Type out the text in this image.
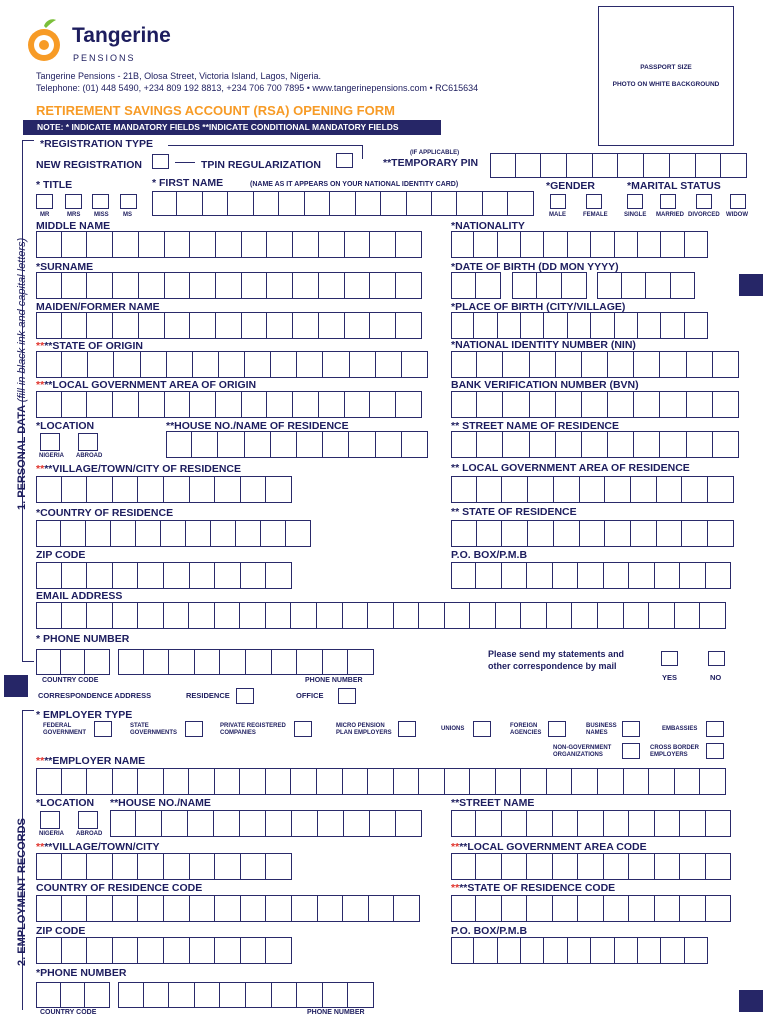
Tangerine
PENSIONS
Tangerine Pensions - 21B, Olosa Street, Victoria Island, Lagos, Nigeria.
Telephone: (01) 448 5490, +234 809 192 8813, +234 706 700 7895 • www.tangerinepensions.com • RC615634
PASSPORT SIZE
PHOTO ON WHITE BACKGROUND
RETIREMENT SAVINGS ACCOUNT (RSA) OPENING FORM
NOTE: * INDICATE MANDATORY FIELDS **INDICATE CONDITIONAL MANDATORY FIELDS
1. PERSONAL DATA (fill in black ink and capital letters)
*REGISTRATION TYPE
NEW REGISTRATION	TPIN REGULARIZATION
(IF APPLICABLE)
**TEMPORARY PIN
* TITLE	* FIRST NAME	(NAME AS IT APPEARS ON YOUR NATIONAL IDENTITY CARD)	*GENDER	*MARITAL STATUS
MR	MRS MISS MS	MALE	FEMALE	SINGLE MARRIED DIVORCED WIDOW
MIDDLE NAME	*NATIONALITY
*SURNAME	*DATE OF BIRTH (DD MON YYYY)
MAIDEN/FORMER NAME	*PLACE OF BIRTH (CITY/VILLAGE)
****STATE OF ORIGIN	*NATIONAL IDENTITY NUMBER (NIN)
****LOCAL GOVERNMENT AREA OF ORIGIN	BANK VERIFICATION NUMBER (BVN)
*LOCATION
NIGERIA ABROAD
**HOUSE NO./NAME OF RESIDENCE	** STREET NAME OF RESIDENCE
****VILLAGE/TOWN/CITY OF RESIDENCE	** LOCAL GOVERNMENT AREA OF RESIDENCE
*COUNTRY OF RESIDENCE	** STATE OF RESIDENCE
ZIP CODE	P.O. BOX/P.M.B
EMAIL ADDRESS
* PHONE NUMBER
COUNTRY CODE	PHONE NUMBER
Please send my statements and
other correspondence by mail
YES	NO
CORRESPONDENCE ADDRESS	RESIDENCE	OFFICE
2. EMPLOYMENT RECORDS
* EMPLOYER TYPE
FEDERAL
GOVERNMENT
STATE
GOVERNMENTS
PRIVATE REGISTERED
COMPANIES
MICRO PENSION
PLAN EMPLOYERS
UNIONS	FOREIGN
AGENCIES
BUSINESS
NAMES
EMBASSIES
NON-GOVERNMENT
ORGANIZATIONS
CROSS BORDER
EMPLOYERS
****EMPLOYER NAME
*LOCATION **HOUSE NO./NAME
NIGERIA ABROAD
**STREET NAME
****VILLAGE/TOWN/CITY	****LOCAL GOVERNMENT AREA CODE
COUNTRY OF RESIDENCE CODE	****STATE OF RESIDENCE CODE
ZIP CODE	P.O. BOX/P.M.B
*PHONE NUMBER
COUNTRY CODE	PHONE NUMBER
